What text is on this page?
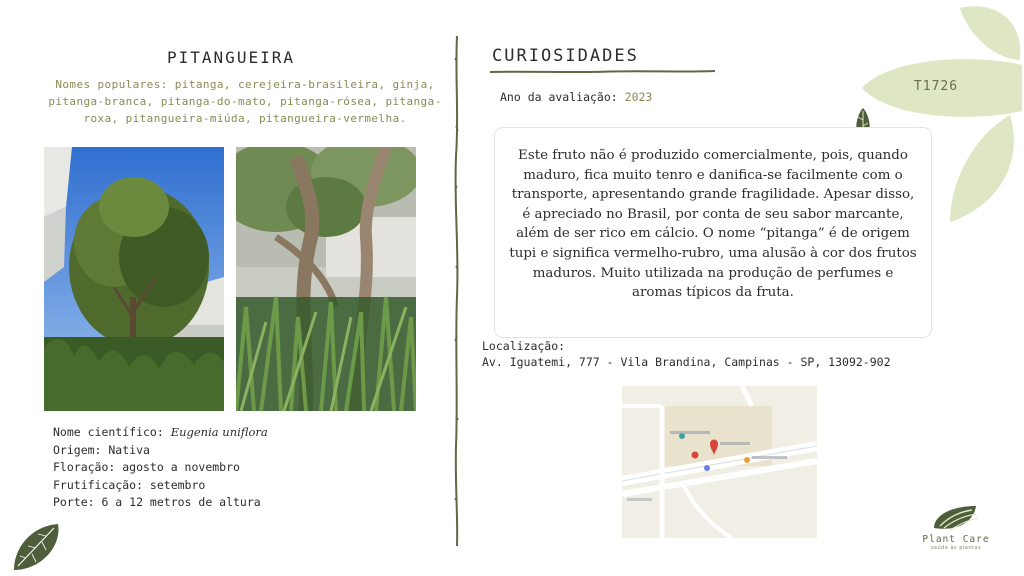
PITANGUEIRA
Nomes populares: pitanga, cerejeira-brasileira, ginja, pitanga-branca, pitanga-do-mato, pitanga-rósea, pitanga-roxa, pitangueira-miúda, pitangueira-vermelha.
Nome científico: Eugenia uniflora
Origem: Nativa
Floração: agosto a novembro
Frutificação: setembro
Porte: 6 a 12 metros de altura
CURIOSIDADES
Ano da avaliação: 2023
T1726
Este fruto não é produzido comercialmente, pois, quando maduro, fica muito tenro e danifica-se facilmente com o transporte, apresentando grande fragilidade. Apesar disso, é apreciado no Brasil, por conta de seu sabor marcante, além de ser rico em cálcio. O nome “pitanga” é de origem tupi e significa vermelho-rubro, uma alusão à cor dos frutos maduros. Muito utilizada na produção de perfumes e aromas típicos da fruta.
Localização:
Av. Iguatemi, 777 - Vila Brandina, Campinas - SP, 13092-902
Plant Care
saúde às plantas
